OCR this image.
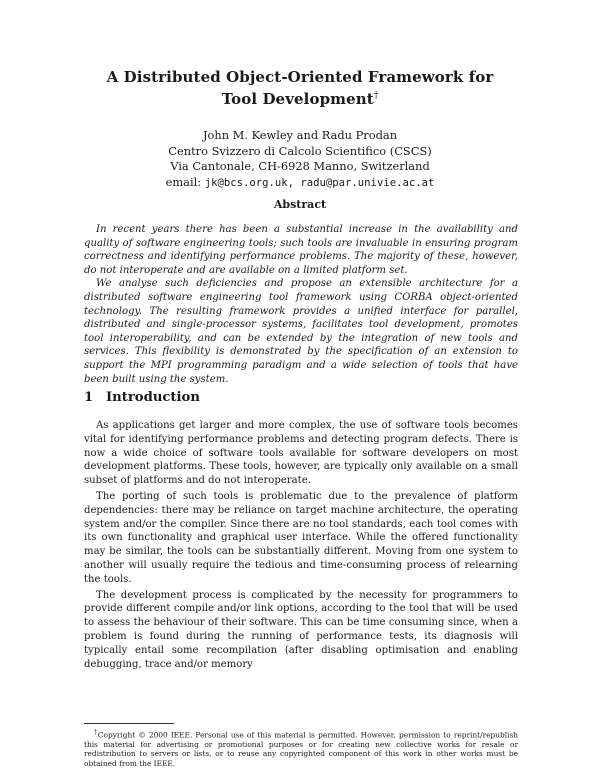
A Distributed Object-Oriented Framework for
Tool Development†
John M. Kewley and Radu Prodan
Centro Svizzero di Calcolo Scientifico (CSCS)
Via Cantonale, CH-6928 Manno, Switzerland
email: jk@bcs.org.uk, radu@par.univie.ac.at
Abstract

In recent years there has been a substantial increase in the availability and quality of software engineering tools; such tools are invaluable in ensuring program correctness and identifying performance problems. The majority of these, however, do not interoperate and are available on a limited platform set.

We analyse such deficiencies and propose an extensible architecture for a distributed software engineering tool framework using CORBA object-oriented technology. The resulting framework provides a unified interface for parallel, distributed and single-processor systems, facilitates tool development, promotes tool interoperability, and can be extended by the integration of new tools and services. This flexibility is demonstrated by the specification of an extension to support the MPI programming paradigm and a wide selection of tools that have been built using the system.

1 Introduction

As applications get larger and more complex, the use of software tools becomes vital for identifying performance problems and detecting program defects. There is now a wide choice of software tools available for software developers on most development platforms. These tools, however, are typically only available on a small subset of platforms and do not interoperate.

The porting of such tools is problematic due to the prevalence of platform dependencies: there may be reliance on target machine architecture, the operating system and/or the compiler. Since there are no tool standards, each tool comes with its own functionality and graphical user interface. While the offered functionality may be similar, the tools can be substantially different. Moving from one system to another will usually require the tedious and time-consuming process of relearning the tools.

The development process is complicated by the necessity for programmers to provide different compile and/or link options, according to the tool that will be used to assess the behaviour of their software. This can be time consuming since, when a problem is found during the running of performance tests, its diagnosis will typically entail some recompilation (after disabling optimisation and enabling debugging, trace and/or memory

†Copyright © 2000 IEEE. Personal use of this material is permitted. However, permission to reprint/republish this material for advertising or promotional purposes or for creating new collective works for resale or redistribution to servers or lists, or to reuse any copyrighted component of this work in other works must be obtained from the IEEE.
